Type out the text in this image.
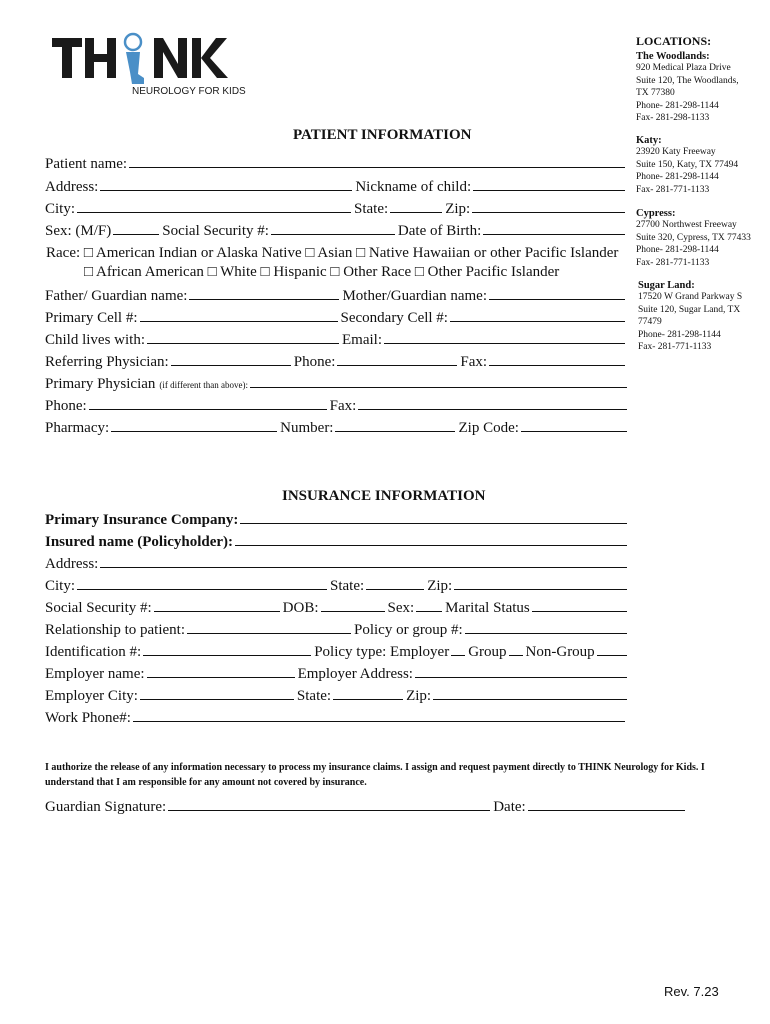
NEUROLOGY FOR KIDS
LOCATIONS:
The Woodlands:
920 Medical Plaza Drive
Suite 120, The Woodlands,
TX 77380
Phone- 281-298-1144
Fax- 281-298-1133
Katy:
23920 Katy Freeway
Suite 150, Katy, TX 77494
Phone- 281-298-1144
Fax- 281-771-1133
Cypress:
27700 Northwest Freeway
Suite 320, Cypress, TX 77433
Phone- 281-298-1144
Fax- 281-771-1133
Sugar Land:
17520 W Grand Parkway S
Suite 120, Sugar Land, TX
77479
Phone- 281-298-1144
Fax- 281-771-1133
PATIENT INFORMATION
Patient name:
Address:	Nickname of child:
City:	State:	Zip:
Sex: (M/F)	Social Security #:	Date of Birth:
Race: □ American Indian or Alaska Native □ Asian □ Native Hawaiian or other Pacific Islander
□ African American □ White □ Hispanic □ Other Race □ Other Pacific Islander
Father/ Guardian name:	Mother/Guardian name:
Primary Cell #:	Secondary Cell #:
Child lives with:	Email:
Referring Physician:	Phone:	Fax:
Primary Physician (if different than above):
Phone:	Fax:
Pharmacy:	Number:	Zip Code:
INSURANCE INFORMATION
Primary Insurance Company:
Insured name (Policyholder):
Address:
City:	State:	Zip:
Social Security #:	DOB:	Sex: Marital Status
Relationship to patient:	Policy or group #:
Identification #:	Policy type: Employer Group Non-Group
Employer name:	Employer Address:
Employer City:	State:	Zip:
Work Phone#:
I authorize the release of any information necessary to process my insurance claims. I assign and request payment directly to THINK Neurology for Kids. I understand that I am responsible for any amount not covered by insurance.
Guardian Signature:	Date:
Rev. 7.23
